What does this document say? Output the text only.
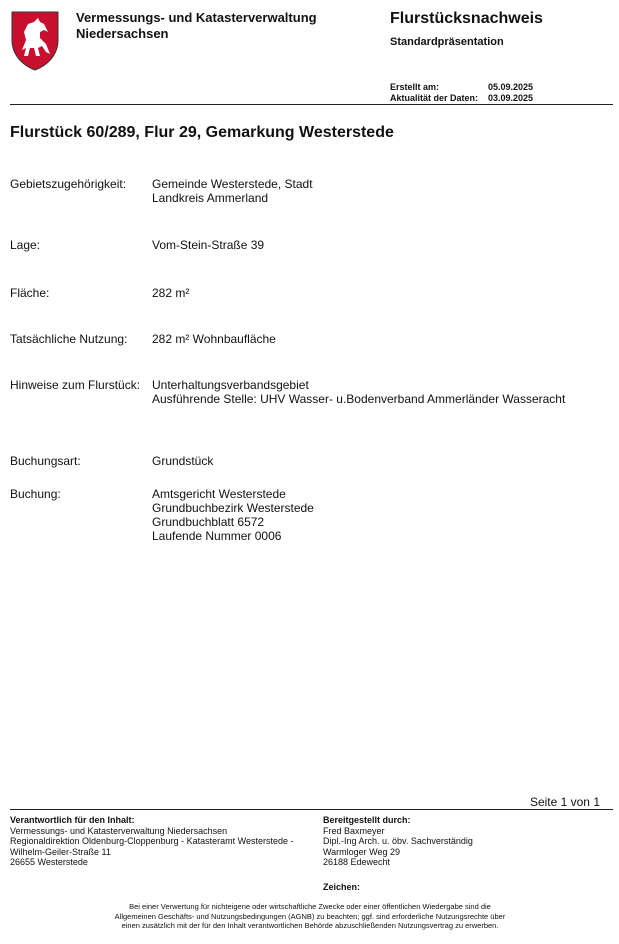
Vermessungs- und Katasterverwaltung
Niedersachsen
Flurstücksnachweis
Standardpräsentation
Erstellt am:	05.09.2025
Aktualität der Daten:	03.09.2025
Flurstück 60/289, Flur 29, Gemarkung Westerstede
Gebietszugehörigkeit:	Gemeinde Westerstede, Stadt
Landkreis Ammerland
Lage:	Vom-Stein-Straße 39
Fläche:	282 m²
Tatsächliche Nutzung:	282 m² Wohnbaufläche
Hinweise zum Flurstück: Unterhaltungsverbandsgebiet
Ausführende Stelle: UHV Wasser- u.Bodenverband Ammerländer Wasseracht
Buchungsart:	Grundstück
Buchung:	Amtsgericht Westerstede
Grundbuchbezirk Westerstede
Grundbuchblatt 6572
Laufende Nummer 0006
Seite 1 von 1
Verantwortlich für den Inhalt:
Vermessungs- und Katasterverwaltung Niedersachsen
Regionaldirektion Oldenburg-Cloppenburg - Katasteramt Westerstede -
Wilhelm-Geiler-Straße 11
26655 Westerstede
Bereitgestellt durch:
Fred Baxmeyer
Dipl.-Ing Arch. u. öbv. Sachverständig
Warmloger Weg 29
26188 Edewecht
Zeichen:
Bei einer Verwertung für nichteigene oder wirtschaftliche Zwecke oder einer öffentlichen Wiedergabe sind die
Allgemeinen Geschäfts- und Nutzungsbedingungen (AGNB) zu beachten; ggf. sind erforderliche Nutzungsrechte über
einen zusätzlich mit der für den Inhalt verantwortlichen Behörde abzuschließenden Nutzungsvertrag zu erwerben.
